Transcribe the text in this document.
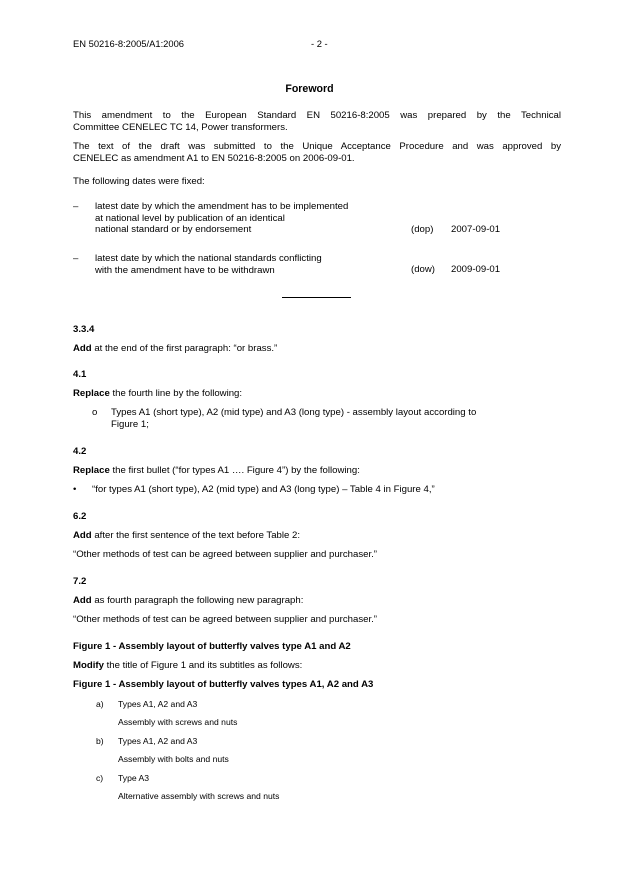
EN 50216-8:2005/A1:2006	- 2 -
Foreword
This amendment to the European Standard EN 50216-8:2005 was prepared by the Technical
Committee CENELEC TC 14, Power transformers.
The text of the draft was submitted to the Unique Acceptance Procedure and was approved by
CENELEC as amendment A1 to EN 50216-8:2005 on 2006-09-01.
The following dates were fixed:
– latest date by which the amendment has to be implemented
at national level by publication of an identical
national standard or by endorsement	(dop)	2007-09-01
– latest date by which the national standards conflicting
with the amendment have to be withdrawn	(dow)	2009-09-01
3.3.4
Add at the end of the first paragraph: “or brass.”
4.1
Replace the fourth line by the following:
o Types A1 (short type), A2 (mid type) and A3 (long type) - assembly layout according to
Figure 1;
4.2
Replace the first bullet (“for types A1 …. Figure 4”) by the following:
• “for types A1 (short type), A2 (mid type) and A3 (long type) – Table 4 in Figure 4,”
6.2
Add after the first sentence of the text before Table 2:
“Other methods of test can be agreed between supplier and purchaser.”
7.2
Add as fourth paragraph the following new paragraph:
“Other methods of test can be agreed between supplier and purchaser.”
Figure 1 - Assembly layout of butterfly valves type A1 and A2
Modify the title of Figure 1 and its subtitles as follows:
Figure 1 - Assembly layout of butterfly valves types A1, A2 and A3
a) Types A1, A2 and A3
Assembly with screws and nuts
b) Types A1, A2 and A3
Assembly with bolts and nuts
c) Type A3
Alternative assembly with screws and nuts
